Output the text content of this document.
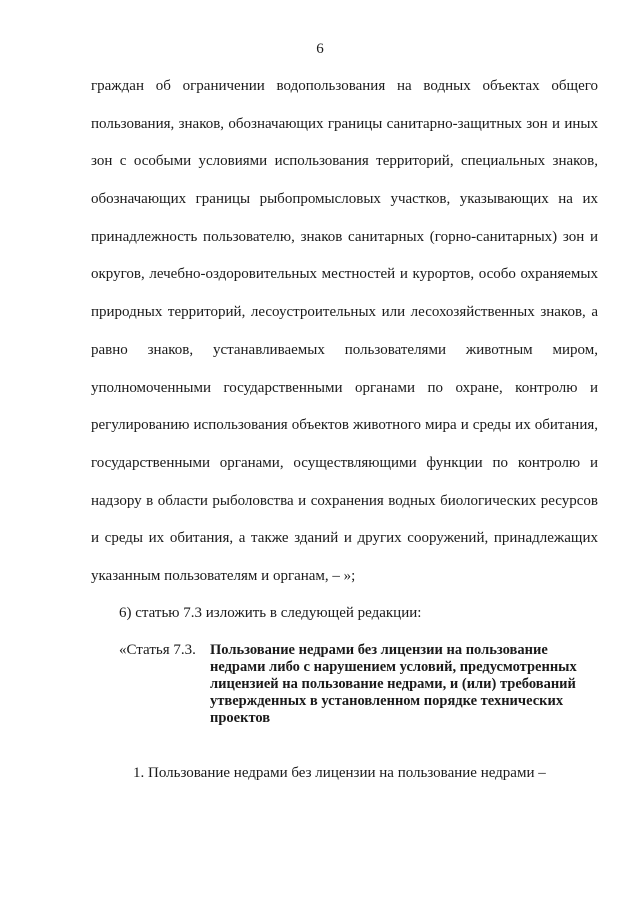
6
граждан об ограничении водопользования на водных объектах общего
пользования, знаков, обозначающих границы санитарно-защитных зон и иных
зон с особыми условиями использования территорий, специальных знаков,
обозначающих границы рыбопромысловых участков, указывающих на их
принадлежность пользователю, знаков санитарных (горно-санитарных) зон и
округов, лечебно-оздоровительных местностей и курортов, особо охраняемых
природных территорий, лесоустроительных или лесохозяйственных знаков, а
равно знаков, устанавливаемых пользователями животным миром,
уполномоченными государственными органами по охране, контролю и
регулированию использования объектов животного мира и среды их обитания,
государственными органами, осуществляющими функции по контролю и
надзору в области рыболовства и сохранения водных биологических ресурсов
и среды их обитания, а также зданий и других сооружений, принадлежащих
указанным пользователям и органам, – »;
6) статью 7.3 изложить в следующей редакции:
«Статья 7.3. Пользование недрами без лицензии на пользование
недрами либо с нарушением условий, предусмотренных
лицензией на пользование недрами, и (или) требований
утвержденных в установленном порядке технических
проектов
1. Пользование недрами без лицензии на пользование недрами –
